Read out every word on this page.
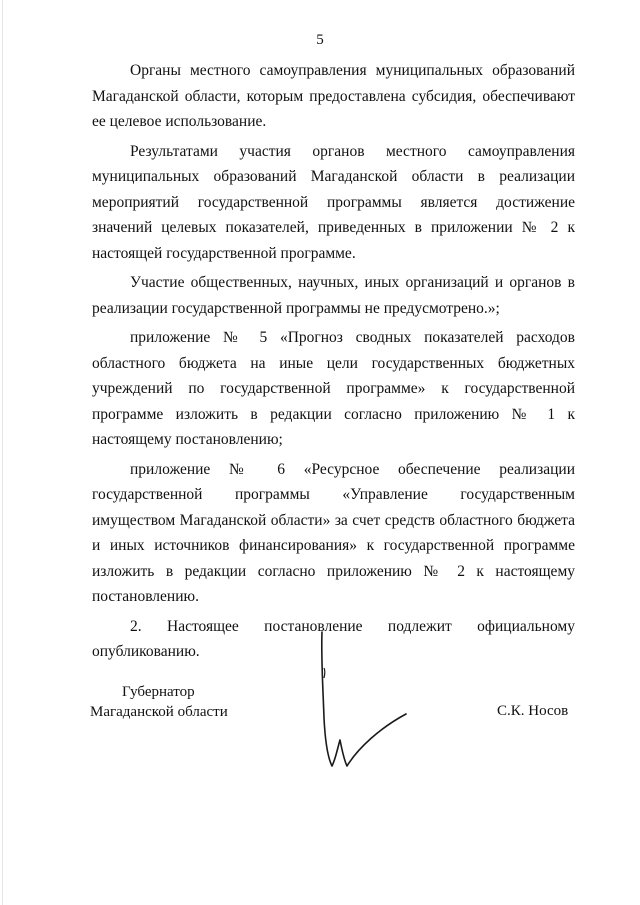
5

Органы местного самоуправления муниципальных образований Магаданской области, которым предоставлена субсидия, обеспечивают ее целевое использование.

Результатами участия органов местного самоуправления муниципальных образований Магаданской области в реализации мероприятий государственной программы является достижение значений целевых показателей, приведенных в приложении № 2 к настоящей государственной программе.

Участие общественных, научных, иных организаций и органов в реализации государственной программы не предусмотрено.»;

приложение № 5 «Прогноз сводных показателей расходов областного бюджета на иные цели государственных бюджетных учреждений по государственной программе» к государственной программе изложить в редакции согласно приложению № 1 к настоящему постановлению;

приложение № 6 «Ресурсное обеспечение реализации государственной программы «Управление государственным имуществом Магаданской области» за счет средств областного бюджета и иных источников финансирования» к государственной программе изложить в редакции согласно приложению № 2 к настоящему постановлению.

2. Настоящее постановление подлежит официальному опубликованию.

Губернатор
Магаданской области	С.К. Носов
